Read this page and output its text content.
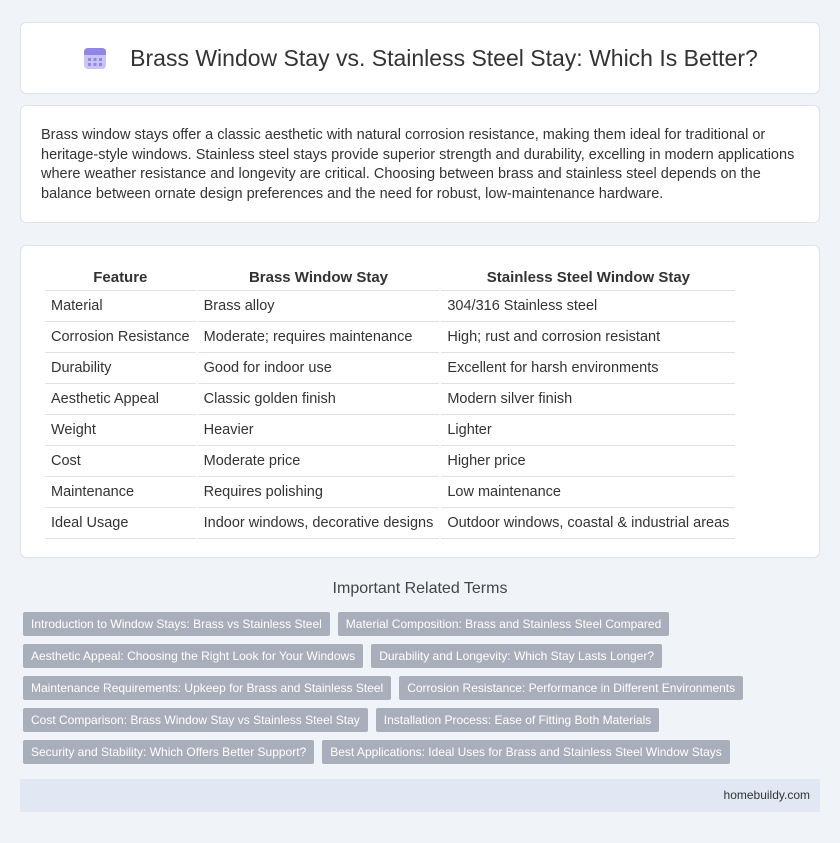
Brass Window Stay vs. Stainless Steel Stay: Which Is Better?

Brass window stays offer a classic aesthetic with natural corrosion resistance, making them ideal for traditional or heritage-style windows. Stainless steel stays provide superior strength and durability, excelling in modern applications where weather resistance and longevity are critical. Choosing between brass and stainless steel depends on the balance between ornate design preferences and the need for robust, low-maintenance hardware.

Feature	Brass Window Stay	Stainless Steel Window Stay
Material	Brass alloy	304/316 Stainless steel
Corrosion Resistance	Moderate; requires maintenance	High; rust and corrosion resistant
Durability	Good for indoor use	Excellent for harsh environments
Aesthetic Appeal	Classic golden finish	Modern silver finish
Weight	Heavier	Lighter
Cost	Moderate price	Higher price
Maintenance	Requires polishing	Low maintenance
Ideal Usage	Indoor windows, decorative designs	Outdoor windows, coastal & industrial areas
Important Related Terms
Introduction to Window Stays: Brass vs Stainless Steel	Material Composition: Brass and Stainless Steel Compared
Aesthetic Appeal: Choosing the Right Look for Your Windows	Durability and Longevity: Which Stay Lasts Longer?
Maintenance Requirements: Upkeep for Brass and Stainless Steel	Corrosion Resistance: Performance in Different Environments
Cost Comparison: Brass Window Stay vs Stainless Steel Stay	Installation Process: Ease of Fitting Both Materials
Security and Stability: Which Offers Better Support?	Best Applications: Ideal Uses for Brass and Stainless Steel Window Stays
homebuildy.com
